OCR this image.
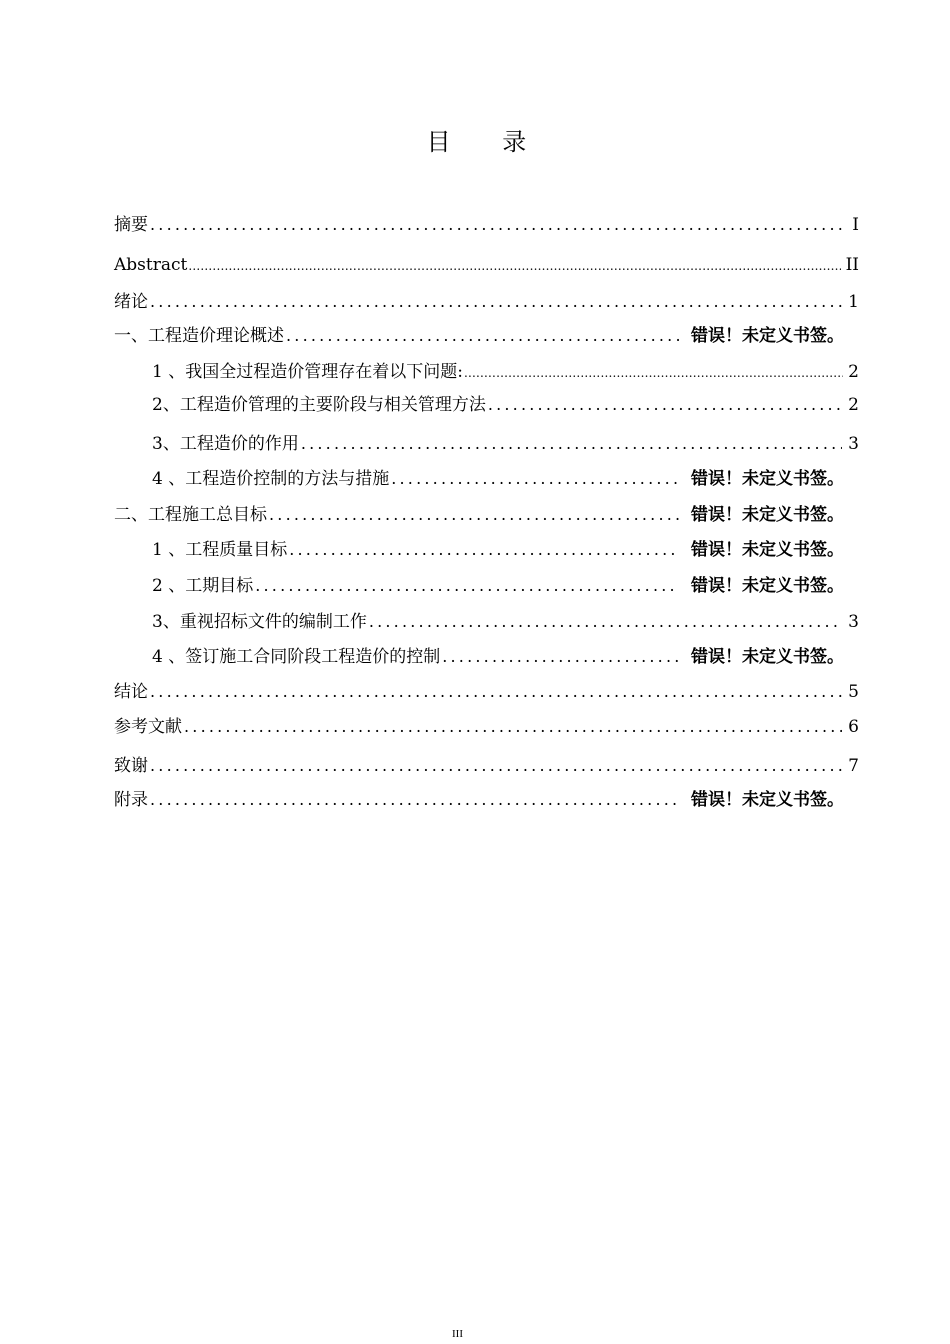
目 录
摘要 .....	I
Abstract .....	II
绪论 .....	1
一、工程造价理论概述 .....	错误！未定义书签。
1 、我国全过程造价管理存在着以下问题: .....	2
2、工程造价管理的主要阶段与相关管理方法 .....	2
3、工程造价的作用 .....	3
4 、工程造价控制的方法与措施 .....	错误！未定义书签。
二、工程施工总目标 .....	错误！未定义书签。
1 、工程质量目标 .....	错误！未定义书签。
2 、工期目标 .....	错误！未定义书签。
3、重视招标文件的编制工作 .....	3
4 、签订施工合同阶段工程造价的控制 .....	错误！未定义书签。
结论 .....	5
参考文献 .....	6
致谢 .....	7
附录 .....	错误！未定义书签。
III
